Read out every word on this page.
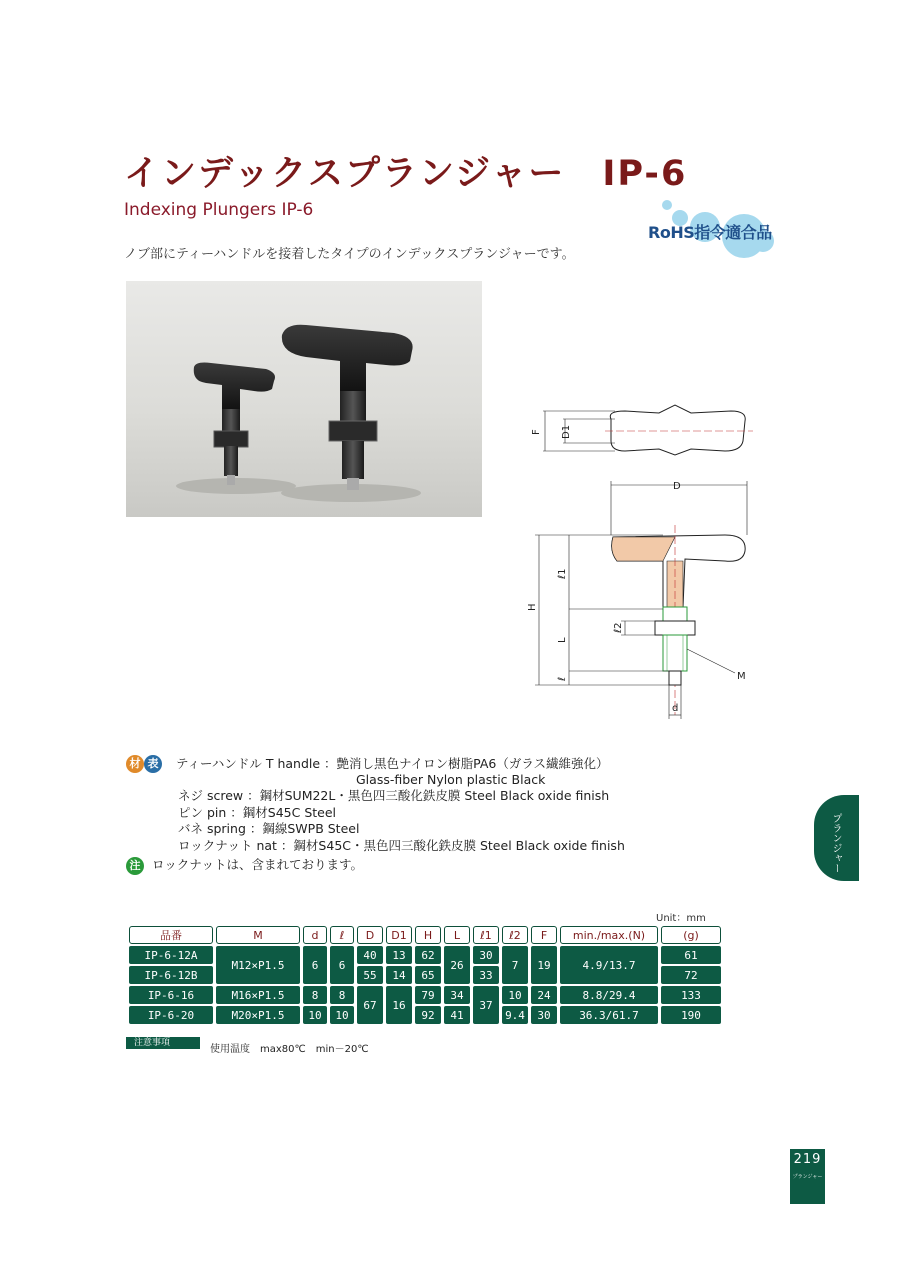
インデックスプランジャー　IP-6
Indexing Plungers IP-6
RoHS指令適合品
ノブ部にティーハンドルを接着したタイプのインデックスプランジャーです。
F D1
D
H
ℓ1
ℓ2
L
ℓ	M
d
材 表 ティーハンドル T handle ：艶消し黒色ナイロン樹脂PA6（ガラス繊維強化）
Glass-fiber Nylon plastic Black
ネジ screw ：鋼材SUM22L・黒色四三酸化鉄皮膜 Steel Black oxide finish
ピン pin ：鋼材S45C Steel
バネ spring ：鋼線SWPB Steel
ロックナット nat ：鋼材S45C・黒色四三酸化鉄皮膜 Steel Black oxide finish
注 ロックナットは、含まれております。
Unit：mm
品番	M	d	ℓ	D	D1	H	L	ℓ1	ℓ2	F	min./max.(N)	(g)
IP-6-12A	M12×P1.5	6	6	40	13	62	26	30	7	19	4.9/13.7	61
IP-6-12B				55	14	65		33				72
IP-6-16	M16×P1.5	8	8	67	16	79	34	37	10	24	8.8/29.4	133
IP-6-20	M20×P1.5	10	10			92	41		9.4	30	36.3/61.7	190
注意事項
使用温度　max80℃　min－20℃
プランジャー
219
プランジャー
